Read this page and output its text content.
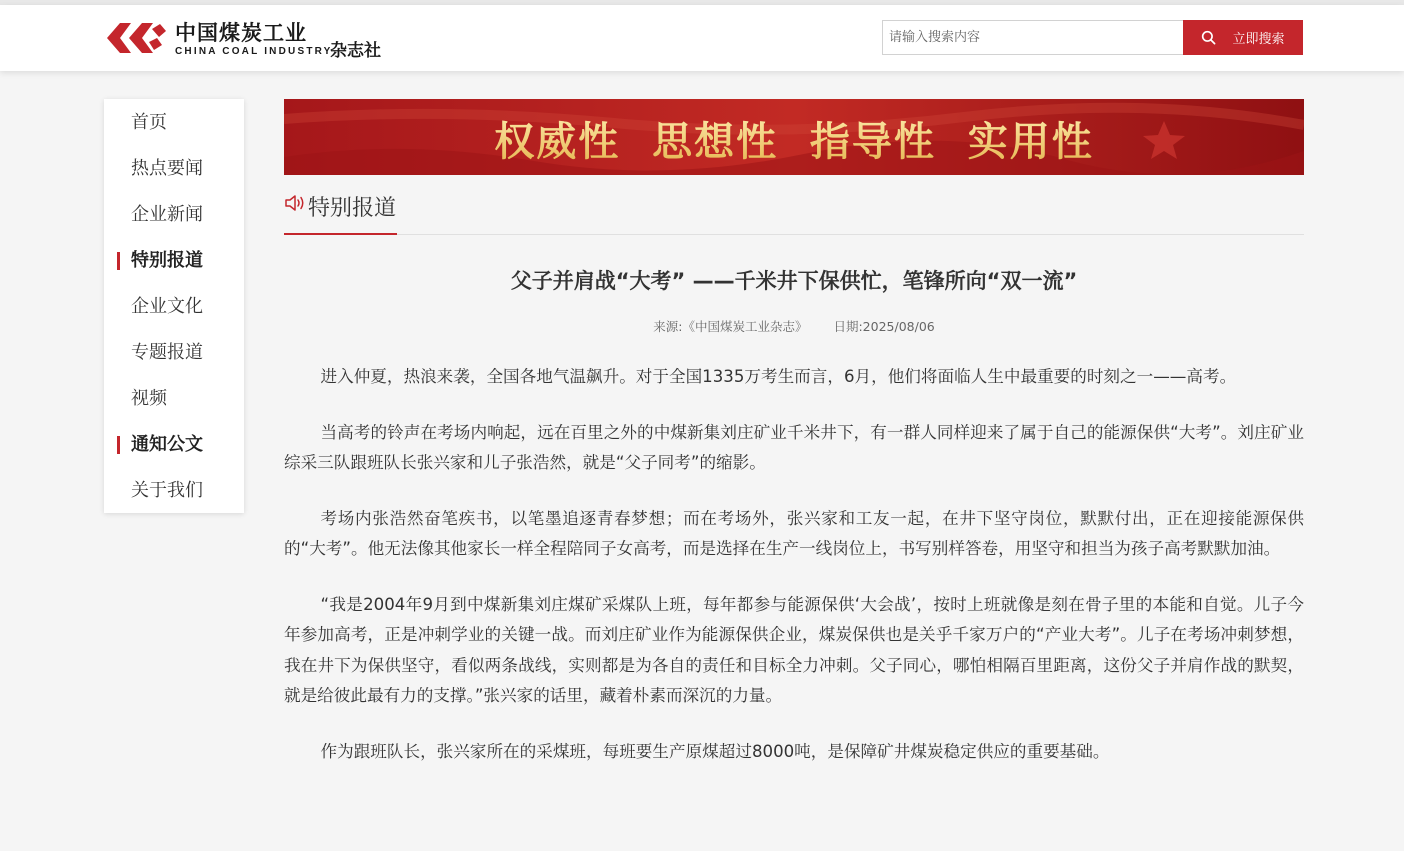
中国煤炭工业
CHINA COAL INDUSTRY
杂志社
请输入搜索内容
立即搜索
首页
热点要闻
企业新闻
特别报道
企业文化
专题报道
视频
通知公文
关于我们
权威性  思想性  指导性  实用性
特别报道
父子并肩战“大考” ——千米井下保供忙，笔锋所向“双一流”
来源:《中国煤炭工业杂志》 日期:2025/08/06

进入仲夏，热浪来袭，全国各地气温飙升。对于全国1335万考生而言，6月，他们将面临人生中最重要的时刻之一——高考。

当高考的铃声在考场内响起，远在百里之外的中煤新集刘庄矿业千米井下，有一群人同样迎来了属于自己的能源保供“大考”。刘庄矿业综采三队跟班队长张兴家和儿子张浩然，就是“父子同考”的缩影。

考场内张浩然奋笔疾书，以笔墨追逐青春梦想；而在考场外，张兴家和工友一起，在井下坚守岗位，默默付出，正在迎接能源保供的“大考”。他无法像其他家长一样全程陪同子女高考，而是选择在生产一线岗位上，书写别样答卷，用坚守和担当为孩子高考默默加油。

“我是2004年9月到中煤新集刘庄煤矿采煤队上班，每年都参与能源保供‘大会战’，按时上班就像是刻在骨子里的本能和自觉。儿子今年参加高考，正是冲刺学业的关键一战。而刘庄矿业作为能源保供企业，煤炭保供也是关乎千家万户的“产业大考”。儿子在考场冲刺梦想，我在井下为保供坚守，看似两条战线，实则都是为各自的责任和目标全力冲刺。父子同心，哪怕相隔百里距离，这份父子并肩作战的默契，就是给彼此最有力的支撑。”张兴家的话里，藏着朴素而深沉的力量。

作为跟班队长，张兴家所在的采煤班，每班要生产原煤超过8000吨，是保障矿井煤炭稳定供应的重要基础。
